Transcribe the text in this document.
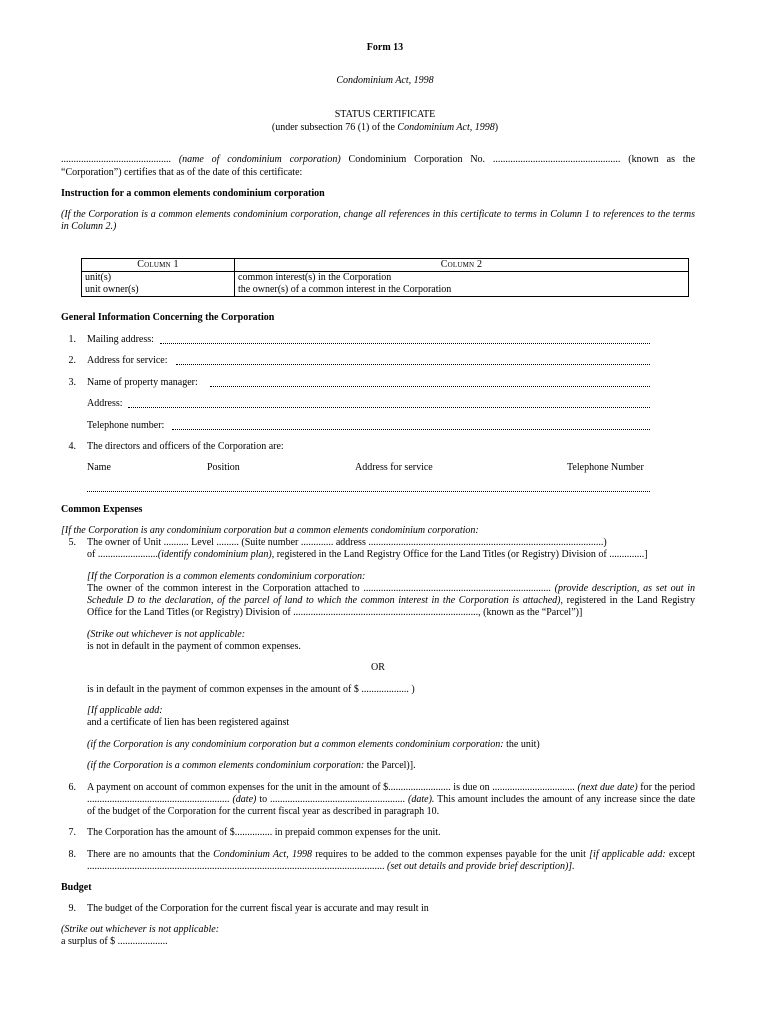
Form 13
Condominium Act, 1998
STATUS CERTIFICATE
(under subsection 76 (1) of the Condominium Act, 1998)
............................................ (name of condominium corporation) Condominium Corporation No. ................................................... (known as the
“Corporation”) certifies that as of the date of this certificate:
Instruction for a common elements condominium corporation
(If the Corporation is a common elements condominium corporation, change all references in this certificate to terms in Column 1 to references to the terms in Column 2.)
Column 1	Column 2
unit(s)	common interest(s) in the Corporation
unit owner(s)	the owner(s) of a common interest in the Corporation
General Information Concerning the Corporation
1. Mailing address:
2. Address for service:
3. Name of property manager:
Address:
Telephone number:
4. The directors and officers of the Corporation are:
Name	Position	Address for service	Telephone Number
Common Expenses
[If the Corporation is any condominium corporation but a common elements condominium corporation:
5. The owner of Unit .......... Level ......... (Suite number ............. address ..............................................................................................)
of ........................(identify condominium plan), registered in the Land Registry Office for the Land Titles (or Registry) Division of ..............]
[If the Corporation is a common elements condominium corporation:
The owner of the common interest in the Corporation attached to ........................................................................... (provide description, as set out in Schedule D to the declaration, of the parcel of land to which the common interest in the Corporation is attached), registered in the Land Registry Office for the Land Titles (or Registry) Division of .........................................................................., (known as the “Parcel”)]
(Strike out whichever is not applicable:
is not in default in the payment of common expenses.
OR
is in default in the payment of common expenses in the amount of $ ................... )
[If applicable add:
and a certificate of lien has been registered against
(if the Corporation is any condominium corporation but a common elements condominium corporation: the unit)
(if the Corporation is a common elements condominium corporation: the Parcel)].
6. A payment on account of common expenses for the unit in the amount of $......................... is due on ................................. (next due date) for the period ......................................................... (date) to ...................................................... (date). This amount includes the amount of any increase since the date of the budget of the Corporation for the current fiscal year as described in paragraph 10.
7. The Corporation has the amount of $............... in prepaid common expenses for the unit.
8. There are no amounts that the Condominium Act, 1998 requires to be added to the common expenses payable for the unit [if applicable add: except ....................................................................................................................... (set out details and provide brief description)].
Budget
9. The budget of the Corporation for the current fiscal year is accurate and may result in
(Strike out whichever is not applicable:
a surplus of $ ....................
